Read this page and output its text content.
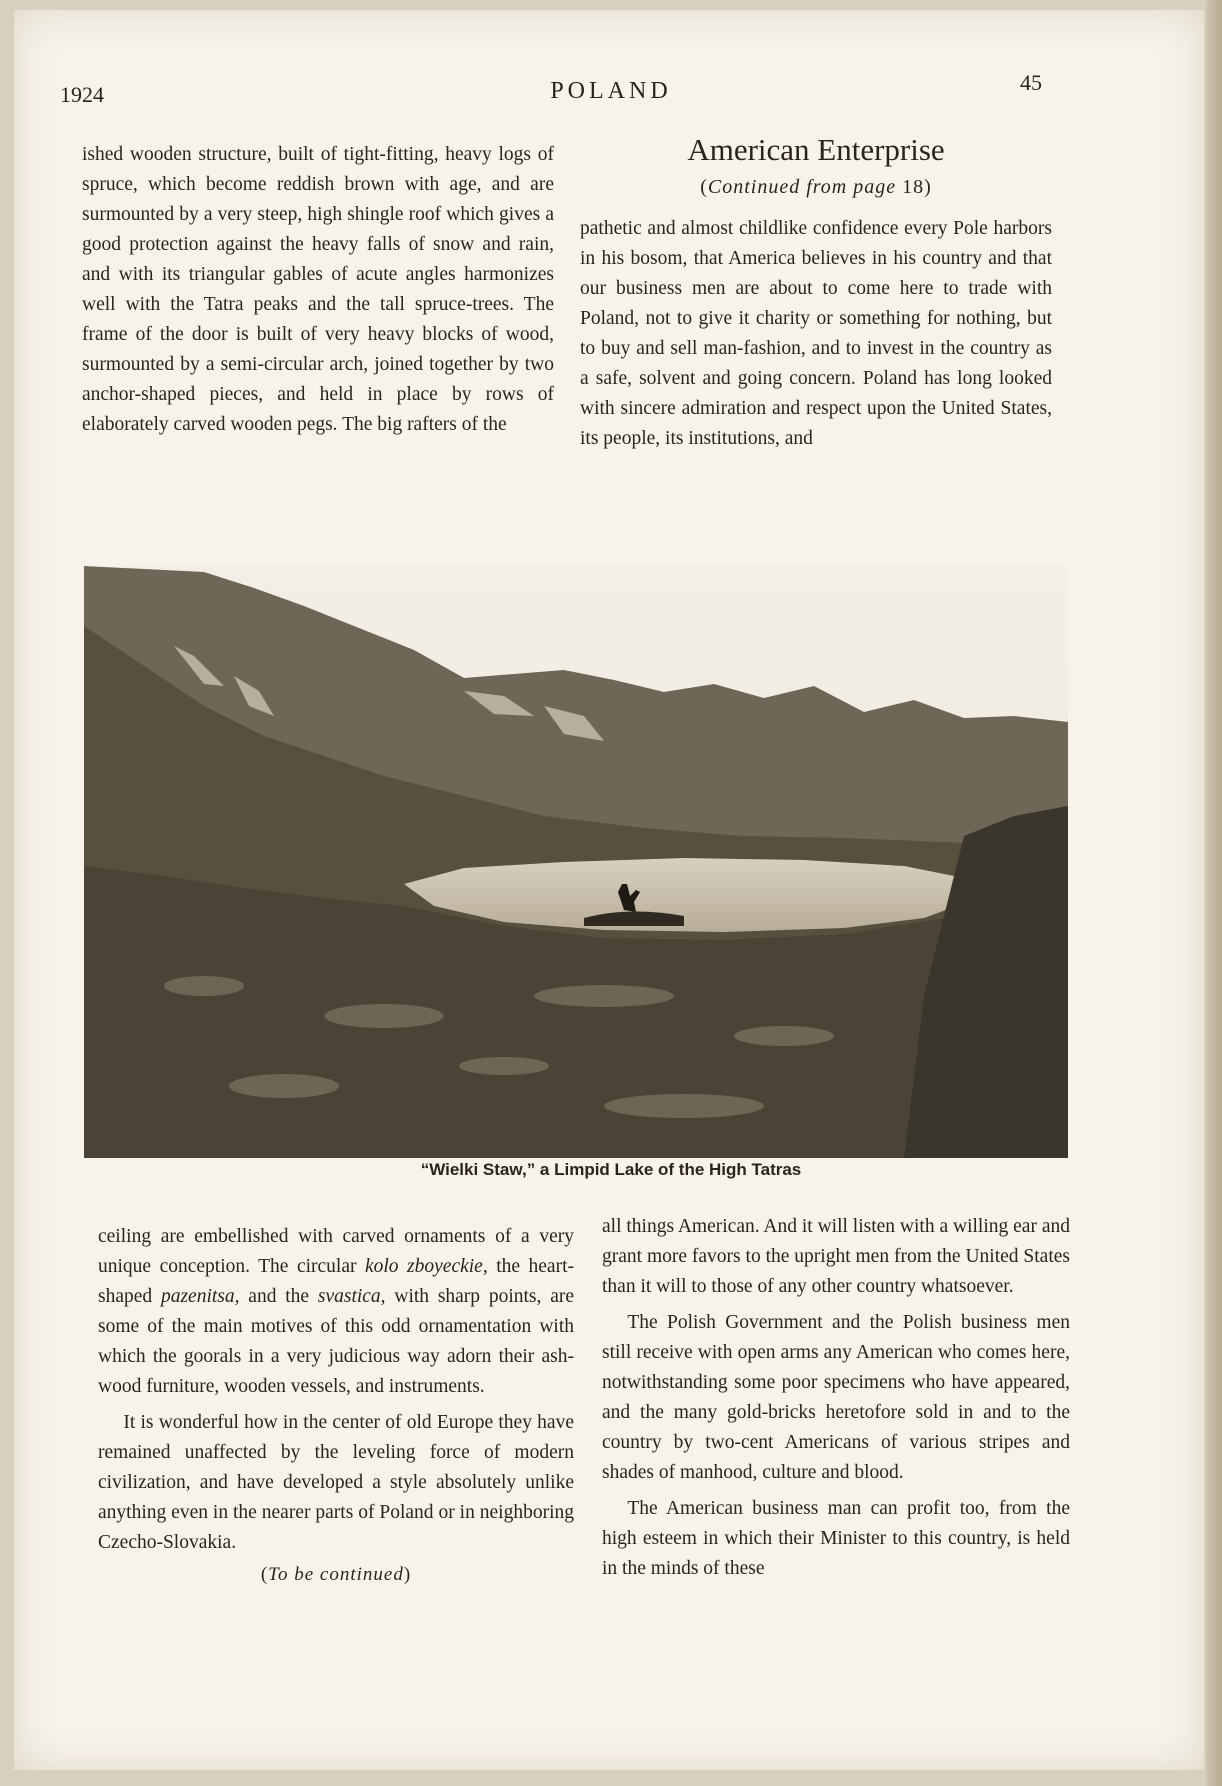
1924	POLAND	45

ished wooden structure, built of tight-fitting, heavy logs of spruce, which become reddish brown with age, and are surmounted by a very steep, high shingle roof which gives a good protection against the heavy falls of snow and rain, and with its triangular gables of acute angles harmonizes well with the Tatra peaks and the tall spruce-trees. The frame of the door is built of very heavy blocks of wood, surmounted by a semi-circular arch, joined together by two anchor-shaped pieces, and held in place by rows of elaborately carved wooden pegs. The big rafters of the

American Enterprise
(Continued from page 18)

pathetic and almost childlike confidence every Pole harbors in his bosom, that America believes in his country and that our business men are about to come here to trade with Poland, not to give it charity or something for nothing, but to buy and sell man-fashion, and to invest in the country as a safe, solvent and going concern. Poland has long looked with sincere admiration and respect upon the United States, its people, its institutions, and

“Wielki Staw,” a Limpid Lake of the High Tatras

ceiling are embellished with carved ornaments of a very unique conception. The circular kolo zboyeckie, the heart-shaped pazenitsa, and the svastica, with sharp points, are some of the main motives of this odd ornamentation with which the goorals in a very judicious way adorn their ash-wood furniture, wooden vessels, and instruments.

It is wonderful how in the center of old Europe they have remained unaffected by the leveling force of modern civilization, and have developed a style absolutely unlike anything even in the nearer parts of Poland or in neighboring Czecho-Slovakia.

(To be continued)

all things American. And it will listen with a willing ear and grant more favors to the upright men from the United States than it will to those of any other country whatsoever.

The Polish Government and the Polish business men still receive with open arms any American who comes here, notwithstanding some poor specimens who have appeared, and the many gold-bricks heretofore sold in and to the country by two-cent Americans of various stripes and shades of manhood, culture and blood.

The American business man can profit too, from the high esteem in which their Minister to this country, is held in the minds of these
